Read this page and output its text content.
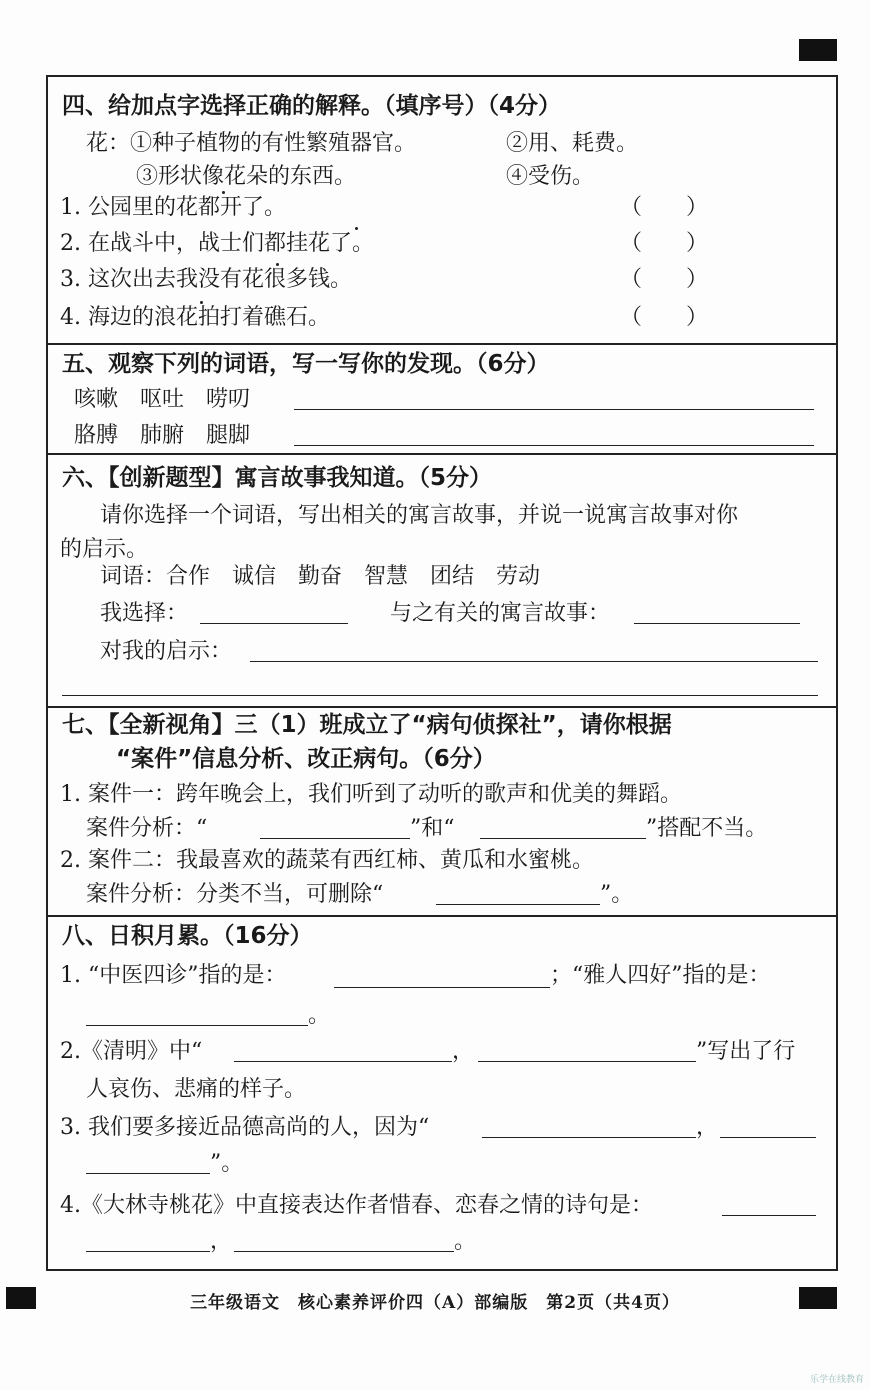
四、给加点字选择正确的解释。（填序号）（4分）
花：①种子植物的有性繁殖器官。	②用、耗费。
③形状像花朵的东西。	④受伤。
1. 公园里的花都开了。	（　　）
2. 在战斗中，战士们都挂花了。	（　　）
3. 这次出去我没有花很多钱。	（　　）
4. 海边的浪花拍打着礁石。	（　　）
五、观察下列的词语，写一写你的发现。（6分）
咳嗽　呕吐　唠叨
胳膊　肺腑　腿脚
六、【创新题型】寓言故事我知道。（5分）
请你选择一个词语，写出相关的寓言故事，并说一说寓言故事对你
的启示。
词语：合作　诚信　勤奋　智慧　团结　劳动
我选择：	与之有关的寓言故事：
对我的启示：
七、【全新视角】三（1）班成立了“病句侦探社”，请你根据
“案件”信息分析、改正病句。（6分）
1. 案件一：跨年晚会上，我们听到了动听的歌声和优美的舞蹈。
案件分析：“	”和“	”搭配不当。
2. 案件二：我最喜欢的蔬菜有西红柿、黄瓜和水蜜桃。
案件分析：分类不当，可删除“	”。
八、日积月累。（16分）
1. “中医四诊”指的是：	；“雅人四好”指的是：
。
2.《清明》中“	，	”写出了行
人哀伤、悲痛的样子。
3. 我们要多接近品德高尚的人，因为“	，
”。
4.《大林寺桃花》中直接表达作者惜春、恋春之情的诗句是：
，	。
三年级语文　核心素养评价四（A）部编版　第2页（共4页）
乐学在线教育
